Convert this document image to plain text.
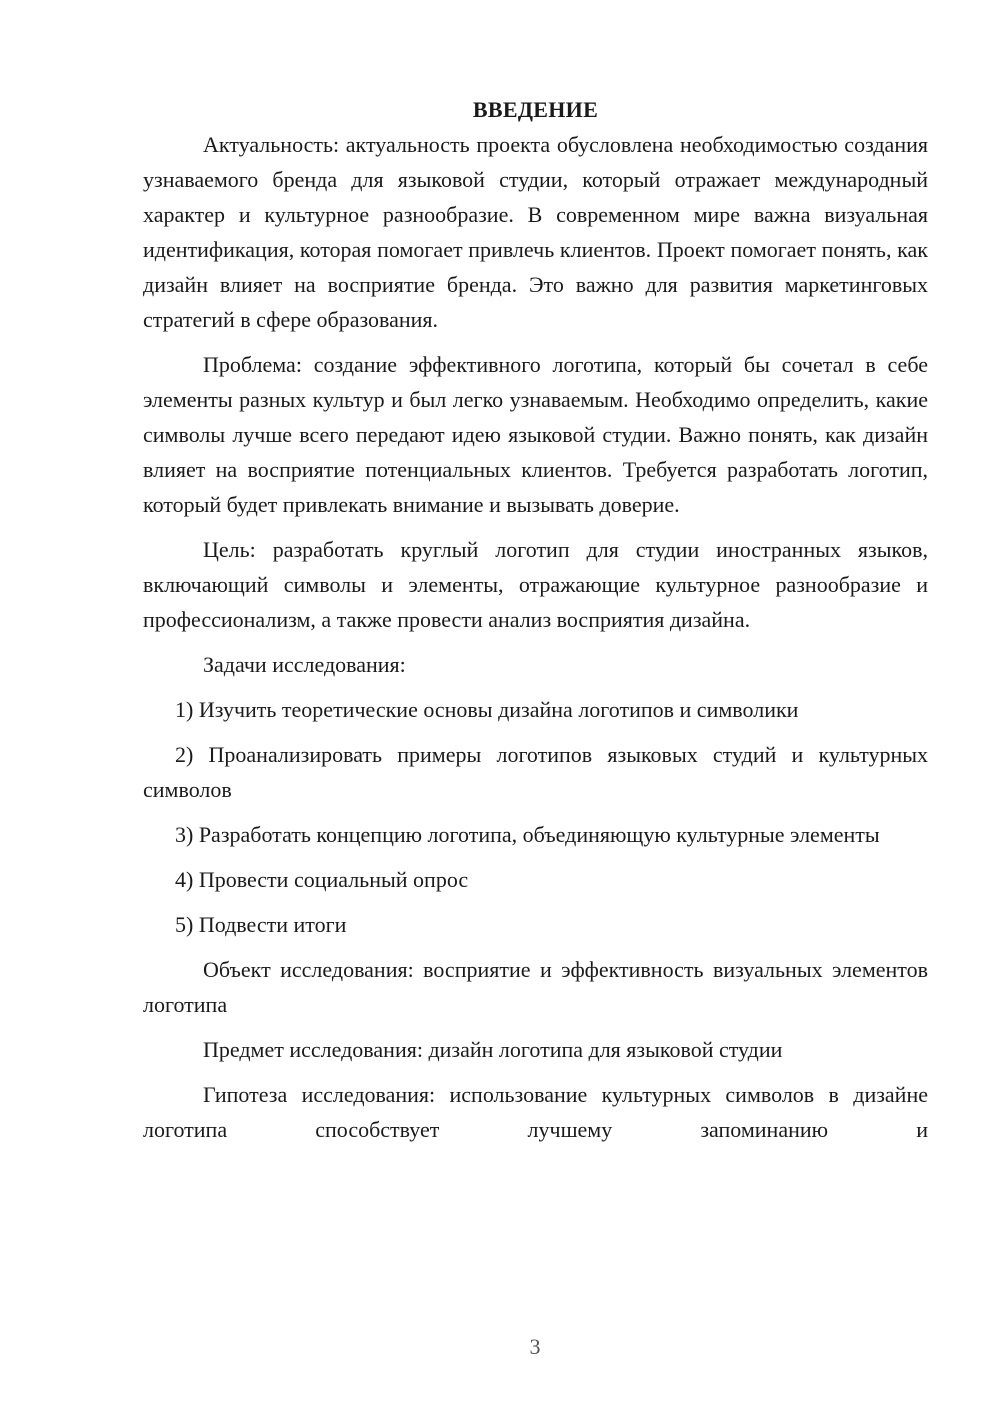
ВВЕДЕНИЕ

Актуальность: актуальность проекта обусловлена необходимостью создания узнаваемого бренда для языковой студии, который отражает международный характер и культурное разнообразие. В современном мире важна визуальная идентификация, которая помогает привлечь клиентов. Проект помогает понять, как дизайн влияет на восприятие бренда. Это важно для развития маркетинговых стратегий в сфере образования.

Проблема: создание эффективного логотипа, который бы сочетал в себе элементы разных культур и был легко узнаваемым. Необходимо определить, какие символы лучше всего передают идею языковой студии. Важно понять, как дизайн влияет на восприятие потенциальных клиентов. Требуется разработать логотип, который будет привлекать внимание и вызывать доверие.

Цель: разработать круглый логотип для студии иностранных языков, включающий символы и элементы, отражающие культурное разнообразие и профессионализм, а также провести анализ восприятия дизайна.

Задачи исследования:

1) Изучить теоретические основы дизайна логотипов и символики

2) Проанализировать примеры логотипов языковых студий и культурных символов

3) Разработать концепцию логотипа, объединяющую культурные элементы

4) Провести социальный опрос

5) Подвести итоги

Объект исследования: восприятие и эффективность визуальных элементов логотипа

Предмет исследования: дизайн логотипа для языковой студии

Гипотеза исследования: использование культурных символов в дизайне логотипа способствует лучшему запоминанию и

3
